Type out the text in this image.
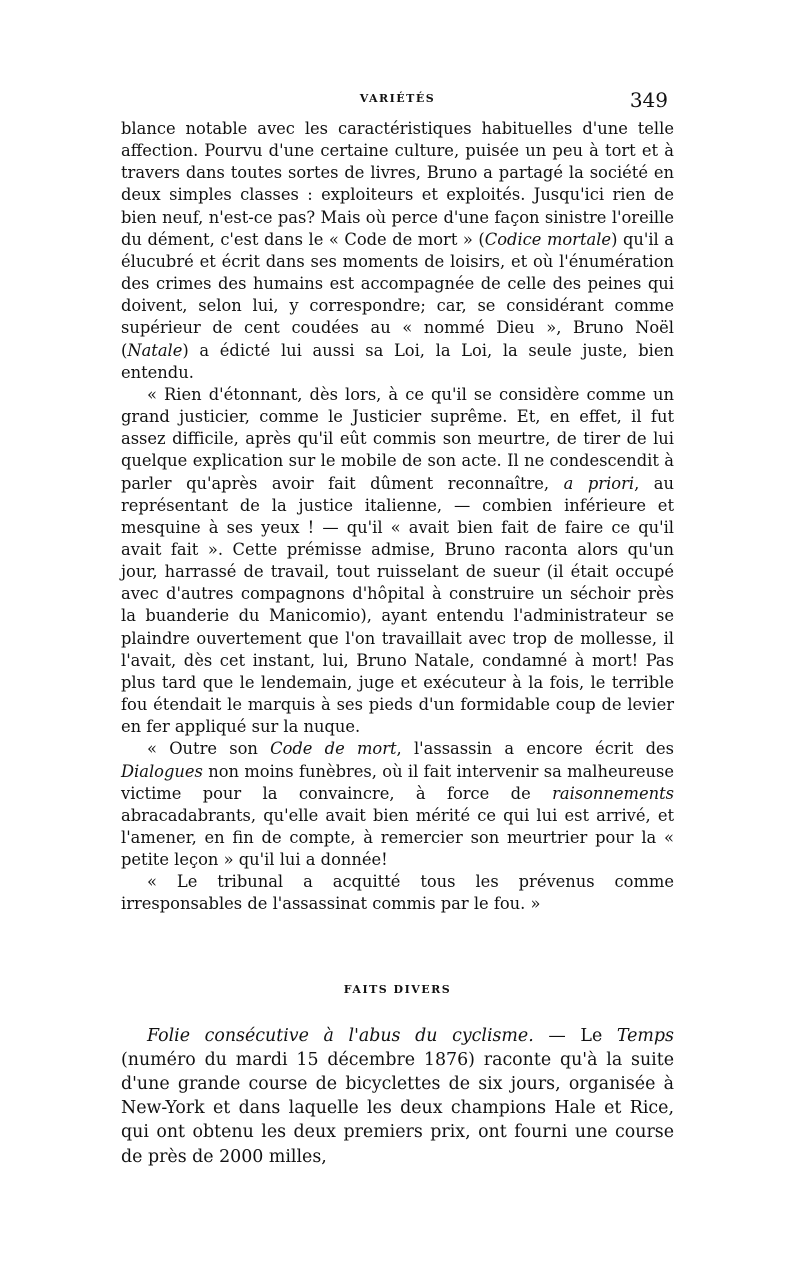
VARIÉTÉS	349

blance notable avec les caractéristiques habituelles d'une telle affection. Pourvu d'une certaine culture, puisée un peu à tort et à travers dans toutes sortes de livres, Bruno a partagé la société en deux simples classes : exploiteurs et exploités. Jusqu'ici rien de bien neuf, n'est-ce pas? Mais où perce d'une façon sinistre l'oreille du dément, c'est dans le « Code de mort » (Codice mortale) qu'il a élucubré et écrit dans ses moments de loisirs, et où l'énumération des crimes des humains est accompagnée de celle des peines qui doivent, selon lui, y correspondre; car, se considérant comme supérieur de cent coudées au « nommé Dieu », Bruno Noël (Natale) a édicté lui aussi sa Loi, la Loi, la seule juste, bien entendu.

« Rien d'étonnant, dès lors, à ce qu'il se considère comme un grand justicier, comme le Justicier suprême. Et, en effet, il fut assez difficile, après qu'il eût commis son meurtre, de tirer de lui quelque explication sur le mobile de son acte. Il ne condescendit à parler qu'après avoir fait dûment reconnaître, a priori, au représentant de la justice italienne, — combien inférieure et mesquine à ses yeux ! — qu'il « avait bien fait de faire ce qu'il avait fait ». Cette prémisse admise, Bruno raconta alors qu'un jour, harrassé de travail, tout ruisselant de sueur (il était occupé avec d'autres compagnons d'hôpital à construire un séchoir près la buanderie du Manicomio), ayant entendu l'administrateur se plaindre ouvertement que l'on travaillait avec trop de mollesse, il l'avait, dès cet instant, lui, Bruno Natale, condamné à mort! Pas plus tard que le lendemain, juge et exécuteur à la fois, le terrible fou étendait le marquis à ses pieds d'un formidable coup de levier en fer appliqué sur la nuque.

« Outre son Code de mort, l'assassin a encore écrit des Dialogues non moins funèbres, où il fait intervenir sa malheureuse victime pour la convaincre, à force de raisonnements abracadabrants, qu'elle avait bien mérité ce qui lui est arrivé, et l'amener, en fin de compte, à remercier son meurtrier pour la « petite leçon » qu'il lui a donnée!

« Le tribunal a acquitté tous les prévenus comme irresponsables de l'assassinat commis par le fou. »

FAITS DIVERS

Folie consécutive à l'abus du cyclisme. — Le Temps (numéro du mardi 15 décembre 1876) raconte qu'à la suite d'une grande course de bicyclettes de six jours, organisée à New-York et dans laquelle les deux champions Hale et Rice, qui ont obtenu les deux premiers prix, ont fourni une course de près de 2000 milles,
